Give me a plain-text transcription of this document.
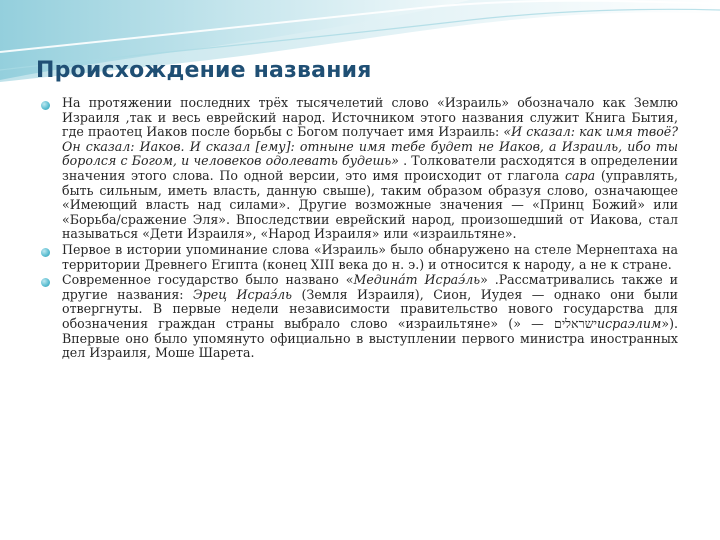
Происхождение названия
На протяжении последних трёх тысячелетий слово «Израиль» обозначало как Землю Израиля ,так и весь еврейский народ. Источником этого названия служит Книга Бытия, где праотец Иаков после борьбы с Богом получает имя Израиль: «И сказал: как имя твоё? Он сказал: Иаков. И сказал [ему]: отныне имя тебе будет не Иаков, а Израиль, ибо ты боролся с Богом, и человеков одолевать будешь» . Толкователи расходятся в определении значения этого слова. По одной версии, это имя происходит от глагола сара (управлять, быть сильным, иметь власть, данную свыше), таким образом образуя слово, означающее «Имеющий власть над силами». Другие возможные значения — «Принц Божий» или «Борьба/сражение Эля». Впоследствии еврейский народ, произошедший от Иакова, стал называться «Дети Израиля», «Народ Израиля» или «израильтяне».
Первое в истории упоминание слова «Израиль» было обнаружено на стеле Мернептаха на территории Древнего Египта (конец XIII века до н. э.) и относится к народу, а не к стране.
Современное государство было названо «Медина́т Исраэ́ль» .Рассматривались также и другие названия: Эрец Исраэ́ль (Земля Израиля), Сион, Иудея — однако они были отвергнуты. В первые недели независимости правительство нового государства для обозначения граждан страны выбрало слово «израильтяне» (» — ישראליםисраэлим»). Впервые оно было упомянуто официально в выступлении первого министра иностранных дел Израиля, Моше Шарета.
